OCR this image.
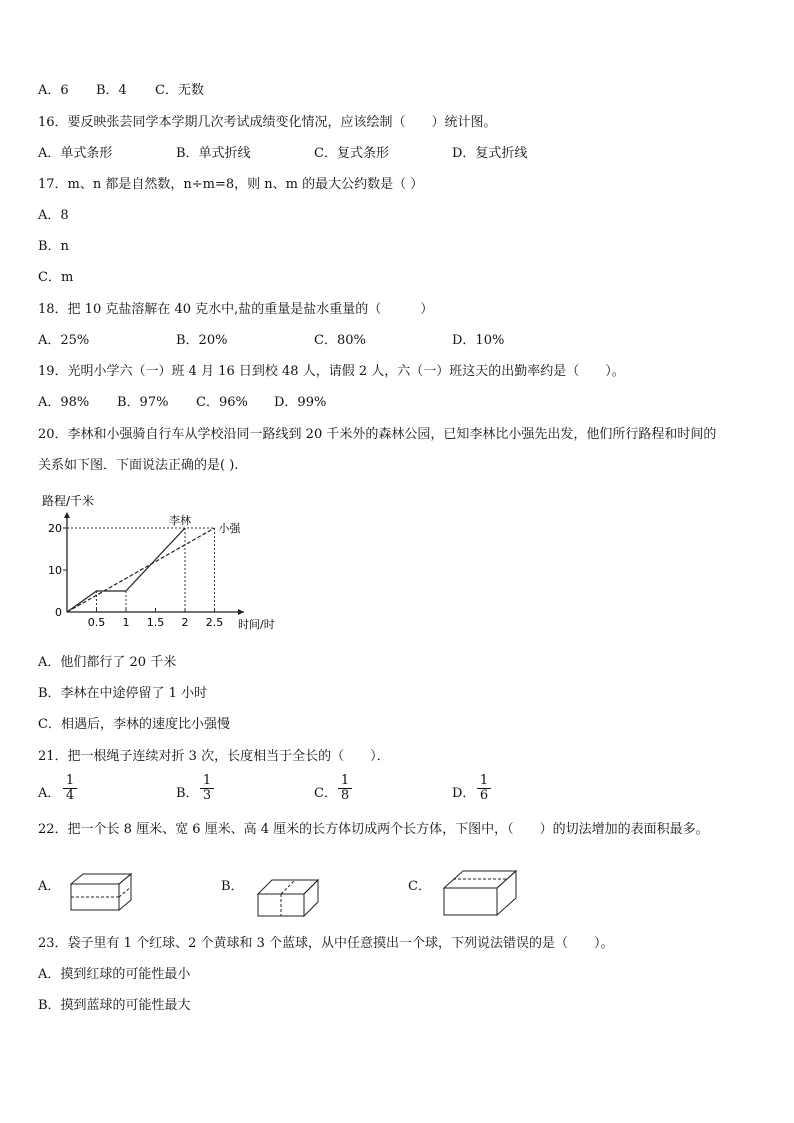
A．6 B．4 C．无数
16．要反映张芸同学本学期几次考试成绩变化情况，应该绘制（　　）统计图。
A．单式条形	B．单式折线	C．复式条形	D．复式折线
17．m、n 都是自然数，n÷m=8，则 n、m 的最大公约数是（ ）
A．8
B．n
C．m
18．把 10 克盐溶解在 40 克水中,盐的重量是盐水重量的（　　　）
A．25%	B．20%	C．80%	D．10%
19．光明小学六（一）班 4 月 16 日到校 48 人，请假 2 人，六（一）班这天的出勤率约是（　　）。
A．98% B．97% C．96% D．99%
20．李林和小强骑自行车从学校沿同一路线到 20 千米外的森林公园，已知李林比小强先出发，他们所行路程和时间的
关系如下图．下面说法正确的是( ).
0
10
20
0.5 1 1.5 2 2.5
李林
小强
路程/千米
时间/时
A．他们都行了 20 千米
B．李林在中途停留了 1 小时
C．相遇后，李林的速度比小强慢
21．把一根绳子连续对折 3 次，长度相当于全长的（　　）．
A． $\frac{1}{4}$	B． $\frac{1}{3}$	C． $\frac{1}{8}$	D． $\frac{1}{6}$
22．把一个长 8 厘米、宽 6 厘米、高 4 厘米的长方体切成两个长方体，下图中，（　　）的切法增加的表面积最多。
A．	B．	C．
23．袋子里有 1 个红球、2 个黄球和 3 个蓝球，从中任意摸出一个球，下列说法错误的是（　　）。
A．摸到红球的可能性最小
B．摸到蓝球的可能性最大
